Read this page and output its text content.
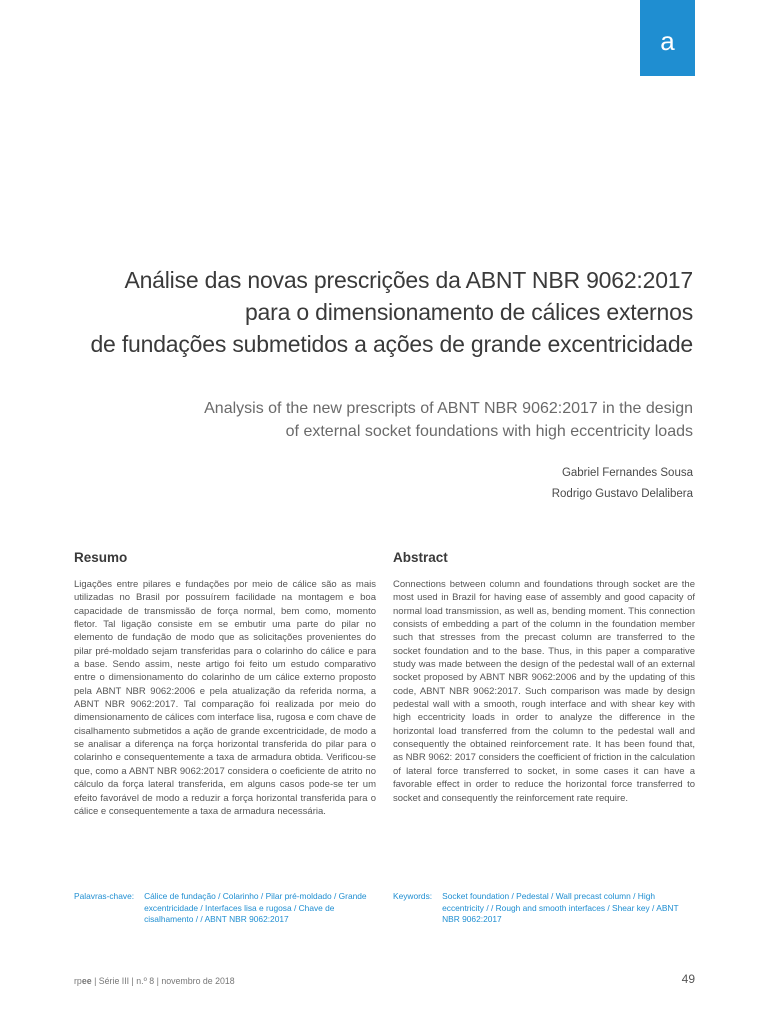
a
Análise das novas prescrições da ABNT NBR 9062:2017
para o dimensionamento de cálices externos
de fundações submetidos a ações de grande excentricidade
Analysis of the new prescripts of ABNT NBR 9062:2017 in the design
of external socket foundations with high eccentricity loads
Gabriel Fernandes Sousa
Rodrigo Gustavo Delalibera
Resumo

Ligações entre pilares e fundações por meio de cálice são as mais utilizadas no Brasil por possuírem facilidade na montagem e boa capacidade de transmissão de força normal, bem como, momento fletor. Tal ligação consiste em se embutir uma parte do pilar no elemento de fundação de modo que as solicitações provenientes do pilar pré-moldado sejam transferidas para o colarinho do cálice e para a base. Sendo assim, neste artigo foi feito um estudo comparativo entre o dimensionamento do colarinho de um cálice externo proposto pela ABNT NBR 9062:2006 e pela atualização da referida norma, a ABNT NBR 9062:2017. Tal comparação foi realizada por meio do dimensionamento de cálices com interface lisa, rugosa e com chave de cisalhamento submetidos a ação de grande excentricidade, de modo a se analisar a diferença na força horizontal transferida do pilar para o colarinho e consequentemente a taxa de armadura obtida. Verificou-se que, como a ABNT NBR 9062:2017 considera o coeficiente de atrito no cálculo da força lateral transferida, em alguns casos pode-se ter um efeito favorável de modo a reduzir a força horizontal transferida para o cálice e consequentemente a taxa de armadura necessária.

Abstract

Connections between column and foundations through socket are the most used in Brazil for having ease of assembly and good capacity of normal load transmission, as well as, bending moment. This connection consists of embedding a part of the column in the foundation member such that stresses from the precast column are transferred to the socket foundation and to the base. Thus, in this paper a comparative study was made between the design of the pedestal wall of an external socket proposed by ABNT NBR 9062:2006 and by the updating of this code, ABNT NBR 9062:2017. Such comparison was made by design pedestal wall with a smooth, rough interface and with shear key with high eccentricity loads in order to analyze the difference in the horizontal load transferred from the column to the pedestal wall and consequently the obtained reinforcement rate. It has been found that, as NBR 9062: 2017 considers the coefficient of friction in the calculation of lateral force transferred to socket, in some cases it can have a favorable effect in order to reduce the horizontal force transferred to socket and consequently the reinforcement rate require.

Palavras-chave: Cálice de fundação / Colarinho / Pilar pré-moldado / Grande excentricidade / Interfaces lisa e rugosa / Chave de cisalhamento / / ABNT NBR 9062:2017
Keywords: Socket foundation / Pedestal / Wall precast column / High eccentricity / / Rough and smooth interfaces / Shear key / ABNT NBR 9062:2017
rpee | Série III | n.º 8 | novembro de 2018	49
